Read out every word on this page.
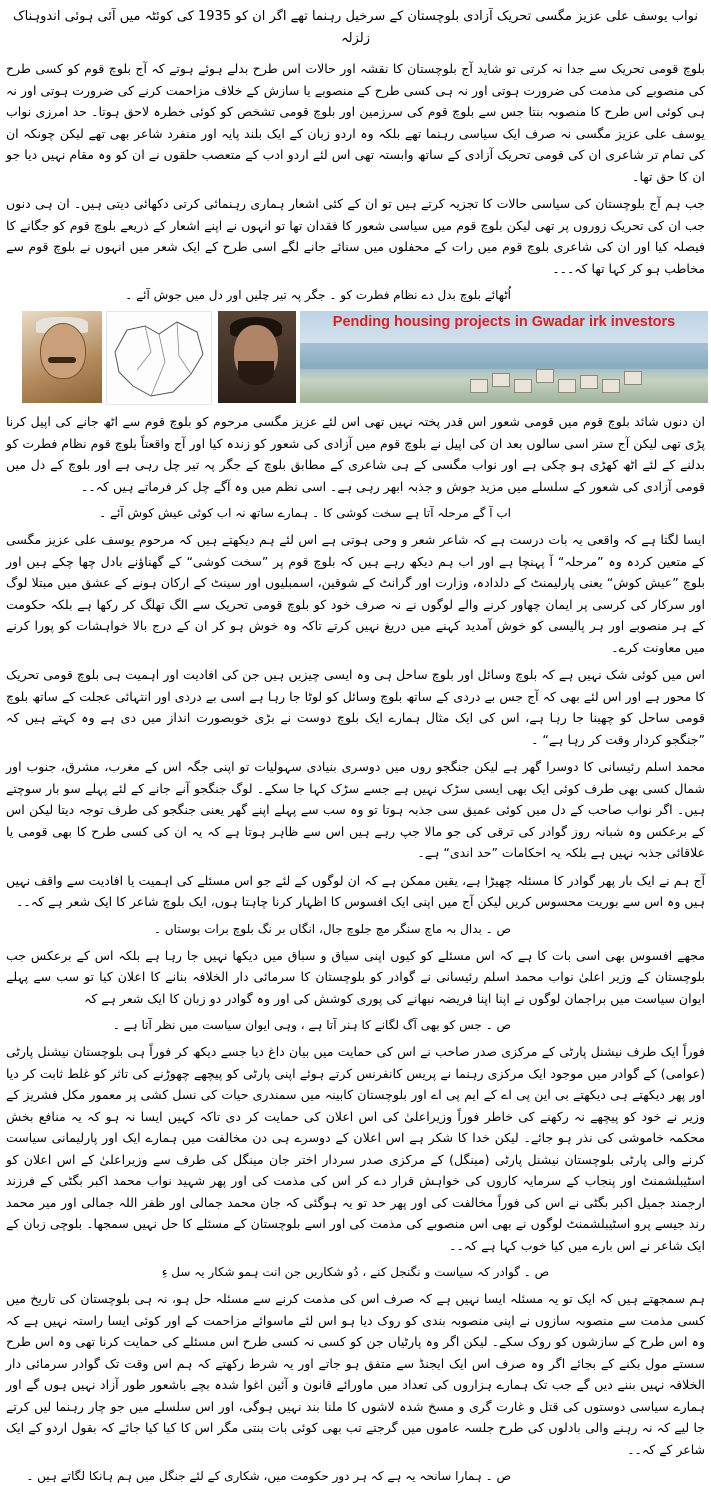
نواب یوسف علی عزیز مگسی تحریک آزادی بلوچستان کے سرخیل رہنما تھے اگر ان کو 1935 کی کوئٹہ میں آئی ہوئی اندوہناک زلزلہ
بلوچ قومی تحریک سے جدا نہ کرتی تو شاید آج بلوچستان کا نقشہ اور حالات اس طرح بدلے ہوئے ہوتے کہ آج بلوچ قوم کو کسی طرح کی منصوبے کی مذمت کی ضرورت ہوتی اور نہ ہی کسی طرح کے منصوبے یا سازش کے خلاف مزاحمت کرنے کی ضرورت ہوتی اور نہ ہی کوئی اس طرح کا منصوبہ بنتا جس سے بلوچ قوم کی سرزمین اور بلوچ قومی تشخص کو کوئی خطرہ لاحق ہوتا۔ حد امرزی نواب یوسف علی عزیز مگسی نہ صرف ایک سیاسی رہنما تھے بلکہ وہ اردو زبان کے ایک بلند پایہ اور منفرد شاعر بھی تھے لیکن چونکہ ان کی تمام تر شاعری ان کی قومی تحریک آزادی کے ساتھ وابستہ تھی اس لئے اردو ادب کے متعصب حلقوں نے ان کو وہ مقام نہیں دیا جو ان کا حق تھا۔
جب ہم آج بلوچستان کی سیاسی حالات کا تجزیہ کرتے ہیں تو ان کے کئی اشعار ہماری رہنمائی کرتی دکھائی دیتی ہیں۔ ان ہی دنوں جب ان کی تحریک زوروں پر تھی لیکن بلوچ قوم میں سیاسی شعور کا فقدان تھا تو انہوں نے اپنے اشعار کے ذریعے بلوچ قوم کو جگانے کا فیصلہ کیا اور ان کی شاعری بلوچ قوم میں رات کے محفلوں میں سنائے جانے لگے اسی طرح کے ایک شعر میں انہوں نے بلوچ قوم سے مخاطب ہو کر کہا تھا کہ۔۔۔
اُٹھائے بلوچ بدل دے نظام فطرت کو ۔ جگر پہ تیر چلیں اور دل میں جوش آئے ۔
Pending housing projects in Gwadar irk investors
ان دنوں شائد بلوچ قوم میں قومی شعور اس قدر پختہ نہیں تھی اس لئے عزیز مگسی مرحوم کو بلوچ قوم سے اٹھ جانے کی اپیل کرنا پڑی تھی لیکن آج ستر اسی سالوں بعد ان کی اپیل نے بلوچ قوم میں آزادی کی شعور کو زندہ کیا اور آج واقعتاً بلوچ قوم نظام فطرت کو بدلنے کے لئے اٹھ کھڑی ہو چکی ہے اور نواب مگسی کے ہی شاعری کے مطابق بلوچ کے جگر پہ تیر چل رہی ہے اور بلوچ کے دل میں قومی آزادی کی شعور کے سلسلے میں مزید جوش و جذبہ ابھر رہی ہے۔ اسی نظم میں وہ آگے چل کر فرماتے ہیں کہ۔۔
اب آ گے مرحلہ آتا ہے سخت کوشی کا ۔ ہمارے ساتھ نہ اب کوئی عیش کوش آئے ۔
ایسا لگتا ہے کہ واقعی یہ بات درست ہے کہ شاعر شعر و وحی ہوتی ہے اس لئے ہم دیکھتے ہیں کہ مرحوم یوسف علی عزیز مگسی کے متعین کردہ وہ ”مرحلہ“ آ پہنچا ہے اور اب ہم دیکھ رہے ہیں کہ بلوچ قوم پر ”سخت کوشی“ کے گھناؤنے بادل چھا چکے ہیں اور بلوچ ”عیش کوش“ یعنی پارلیمنٹ کے دلدادہ، وزارت اور گرانٹ کے شوقین، اسمبلیوں اور سینٹ کے ارکان ہونے کے عشق میں مبتلا لوگ اور سرکار کی کرسی پر ایمان چھاور کرنے والے لوگوں نے نہ صرف خود کو بلوچ قومی تحریک سے الگ تھلگ کر رکھا ہے بلکہ حکومت کے ہر منصوبے اور ہر پالیسی کو خوش آمدید کہنے میں دریغ نہیں کرتے تاکہ وہ خوش ہو کر ان کے درج بالا خواہشات کو پورا کرنے میں معاونت کرے۔
اس میں کوئی شک نہیں ہے کہ بلوچ وسائل اور بلوچ ساحل ہی وہ ایسی چیزیں ہیں جن کی افادیت اور اہمیت ہی بلوچ قومی تحریک کا محور ہے اور اس لئے بھی کہ آج جس بے دردی کے ساتھ بلوچ وسائل کو لوٹا جا رہا ہے اسی بے دردی اور انتہائی عجلت کے ساتھ بلوچ قومی ساحل کو چھینا جا رہا ہے، اس کی ایک مثال ہمارے ایک بلوچ دوست نے بڑی خوبصورت انداز میں دی ہے وہ کہتے ہیں کہ ”جنگجو کردار وقت کر رہا ہے“ ۔
محمد اسلم رئیسانی کا دوسرا گھر ہے لیکن جنگجو روں میں دوسری بنیادی سہولیات تو اپنی جگہ اس کے مغرب، مشرق، جنوب اور شمال کسی بھی طرف کوئی ایک بھی ایسی سڑک نہیں ہے جسے سڑک کہا جا سکے۔ لوگ جنگجو آنے جانے کے لئے پہلے سو بار سوچتے ہیں۔ اگر نواب صاحب کے دل میں کوئی عمیق سی جذبہ ہوتا تو وہ سب سے پہلے اپنے گھر یعنی جنگجو کی طرف توجہ دیتا لیکن اس کے برعکس وہ شبانہ روز گوادر کی ترقی کی جو مالا جپ رہے ہیں اس سے ظاہر ہوتا ہے کہ یہ ان کی کسی طرح کا بھی قومی یا علاقائی جذبہ نہیں ہے بلکہ یہ احکامات ”حد اندی“ ہے۔
آج ہم نے ایک بار پھر گوادر کا مسئلہ چھیڑا ہے، یقین ممکن ہے کہ ان لوگوں کے لئے جو اس مسئلے کی اہمیت یا افادیت سے واقف نہیں ہیں وہ اس سے بوریت محسوس کریں لیکن آج میں اپنی ایک افسوس کا اظہار کرنا چاہتا ہوں، ایک بلوچ شاعر کا ایک شعر ہے کہ۔۔
ص ۔ بدال بہ ماچ سنگر مچ جلوچ جال، انگاں بر نگ بلوچ برات بوستاں ۔
مجھے افسوس بھی اسی بات کا ہے کہ اس مسئلے کو کیوں اپنی سیاق و سباق میں دیکھا نہیں جا رہا ہے بلکہ اس کے برعکس جب بلوچستان کے وزیر اعلیٰ نواب محمد اسلم رئیسانی نے گوادر کو بلوچستان کا سرمائی دار الخلافہ بنانے کا اعلان کیا تو سب سے پہلے ایوان سیاست میں براجمان لوگوں نے اپنا اپنا فریضہ نبھانے کی پوری کوشش کی اور وہ گوادر دو زبان کا ایک شعر ہے کہ
ص ۔ جس کو بھی آگ لگانے کا ہنر آتا ہے ، وہی ایوان سیاست میں نظر آتا ہے ۔
فوراً ایک طرف نیشنل پارٹی کے مرکزی صدر صاحب نے اس کی حمایت میں بیان داغ دیا جسے دیکھ کر فوراً ہی بلوچستان نیشنل پارٹی (عوامی) کے گوادر میں موجود ایک مرکزی رہنما نے پریس کانفرنس کرتے ہوئے اپنی پارٹی کو پیچھے چھوڑنے کی تاثر کو غلط ثابت کر دیا اور پھر دیکھتے ہی دیکھتے بی این پی اے کے ایم پی اے اور بلوچستان کابینہ میں سمندری حیات کی نسل کشی پر معمور مکل فشریز کے وزیر نے خود کو پیچھے نہ رکھنے کی خاطر فوراً وزیراعلیٰ کی اس اعلان کی حمایت کر دی تاکہ کہیں ایسا نہ ہو کہ یہ منافع بخش محکمہ خاموشی کی نذر ہو جائے۔ لیکن خدا کا شکر ہے اس اعلان کے دوسرے ہی دن مخالفت میں ہمارے ایک اور پارلیمانی سیاست کرنے والی پارٹی بلوچستان نیشنل پارٹی (مینگل) کے مرکزی صدر سردار اختر جان مینگل کی طرف سے وزیراعلیٰ کے اس اعلان کو اسٹیبلشمنٹ اور پنجاب کے سرمایہ کاروں کی خواہش قرار دے کر اس کی مذمت کی اور پھر شہید نواب محمد اکبر بگٹی کے فرزند ارجمند جمیل اکبر بگٹی نے اس کی فوراً مخالفت کی اور پھر حد تو یہ ہوگئی کہ جان محمد جمالی اور ظفر اللہ جمالی اور میر محمد رند جیسے پرو اسٹیبلشمنٹ لوگوں نے بھی اس منصوبے کی مذمت کی اور اسے بلوچستان کے مسئلے کا حل نہیں سمجھا۔ بلوچی زبان کے ایک شاعر نے اس بارے میں کیا خوب کہا ہے کہ۔۔
ص ۔ گوادر کہ سیاست و نگنجل کنے ، دُو شکاریں جن انت ہمو شکار یہ سل ءِ
ہم سمجھتے ہیں کہ ایک تو یہ مسئلہ ایسا نہیں ہے کہ صرف اس کی مذمت کرنے سے مسئلہ حل ہو، نہ ہی بلوچستان کی تاریخ میں کسی مذمت سے منصوبہ سازوں نے اپنی منصوبہ بندی کو روک دیا ہو اس لئے ماسوائے مزاحمت کے اور کوئی ایسا راستہ نہیں ہے کہ وہ اس طرح کے سازشوں کو روک سکے۔ لیکن اگر وہ پارٹیاں جن کو کسی نہ کسی طرح اس مسئلے کی حمایت کرنا تھی وہ اس طرح سستے مول بکنے کے بجائے اگر وہ صرف اس ایک ایجنڈ سے متفق ہو جاتے اور یہ شرط رکھتے کہ ہم اس وقت تک گوادر سرمائی دار الخلافہ نہیں بننے دیں گے جب تک ہمارے ہزاروں کی تعداد میں ماورائے قانون و آئین اغوا شدہ بچے باشعور طور آزاد نہیں ہوں گے اور ہمارے سیاسی دوستوں کی قتل و غارت گری و مسخ شدہ لاشوں کا ملنا بند نہیں ہوگی، اور اس سلسلے میں جو چار رہنما لیں کرتے جا لیے کہ نہ رہنے والی بادلوں کی طرح جلسہ عاموں میں گرجتے تب بھی کوئی بات بنتی مگر اس کا کیا کیا جائے کہ بقول اردو کے ایک شاعر کے کہ۔۔
ص ۔ ہمارا سانحہ یہ ہے کہ ہر دور حکومت میں، شکاری کے لئے جنگل میں ہم ہانکا لگاتے ہیں ۔
